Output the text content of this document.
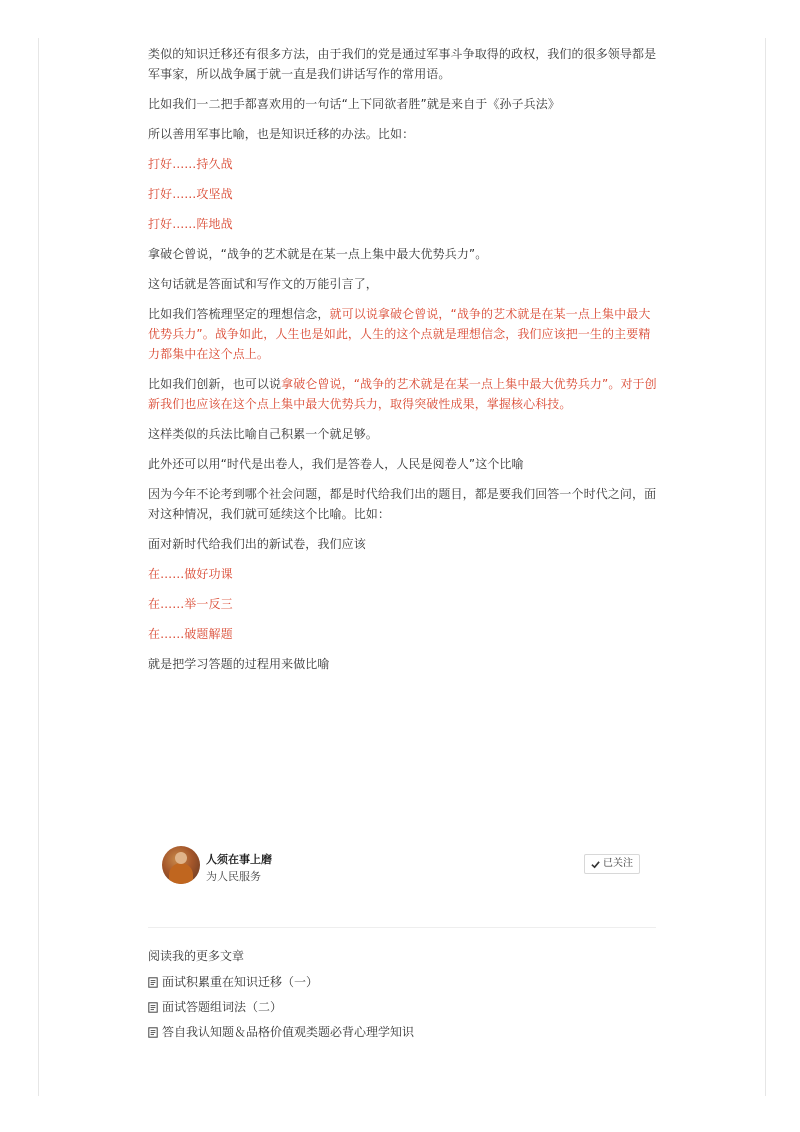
类似的知识迁移还有很多方法，由于我们的党是通过军事斗争取得的政权，我们的很多领导都是军事家，所以战争属于就一直是我们讲话写作的常用语。

比如我们一二把手都喜欢用的一句话“上下同欲者胜”就是来自于《孙子兵法》

所以善用军事比喻，也是知识迁移的办法。比如：

打好……持久战

打好……攻坚战

打好……阵地战

拿破仑曾说，“战争的艺术就是在某一点上集中最大优势兵力”。

这句话就是答面试和写作文的万能引言了，

比如我们答梳理坚定的理想信念，就可以说拿破仑曾说，“战争的艺术就是在某一点上集中最大优势兵力”。战争如此，人生也是如此，人生的这个点就是理想信念，我们应该把一生的主要精力都集中在这个点上。

比如我们创新，也可以说拿破仑曾说，“战争的艺术就是在某一点上集中最大优势兵力”。对于创新我们也应该在这个点上集中最大优势兵力，取得突破性成果，掌握核心科技。

这样类似的兵法比喻自己积累一个就足够。

此外还可以用“时代是出卷人，我们是答卷人，人民是阅卷人”这个比喻

因为今年不论考到哪个社会问题，都是时代给我们出的题目，都是要我们回答一个时代之问，面对这种情况，我们就可延续这个比喻。比如：

面对新时代给我们出的新试卷，我们应该

在……做好功课

在……举一反三

在……破题解题

就是把学习答题的过程用来做比喻

人须在事上磨
为人民服务
已关注
阅读我的更多文章
面试积累重在知识迁移（一）
面试答题组词法（二）
答自我认知题＆品格价值观类题必背心理学知识
